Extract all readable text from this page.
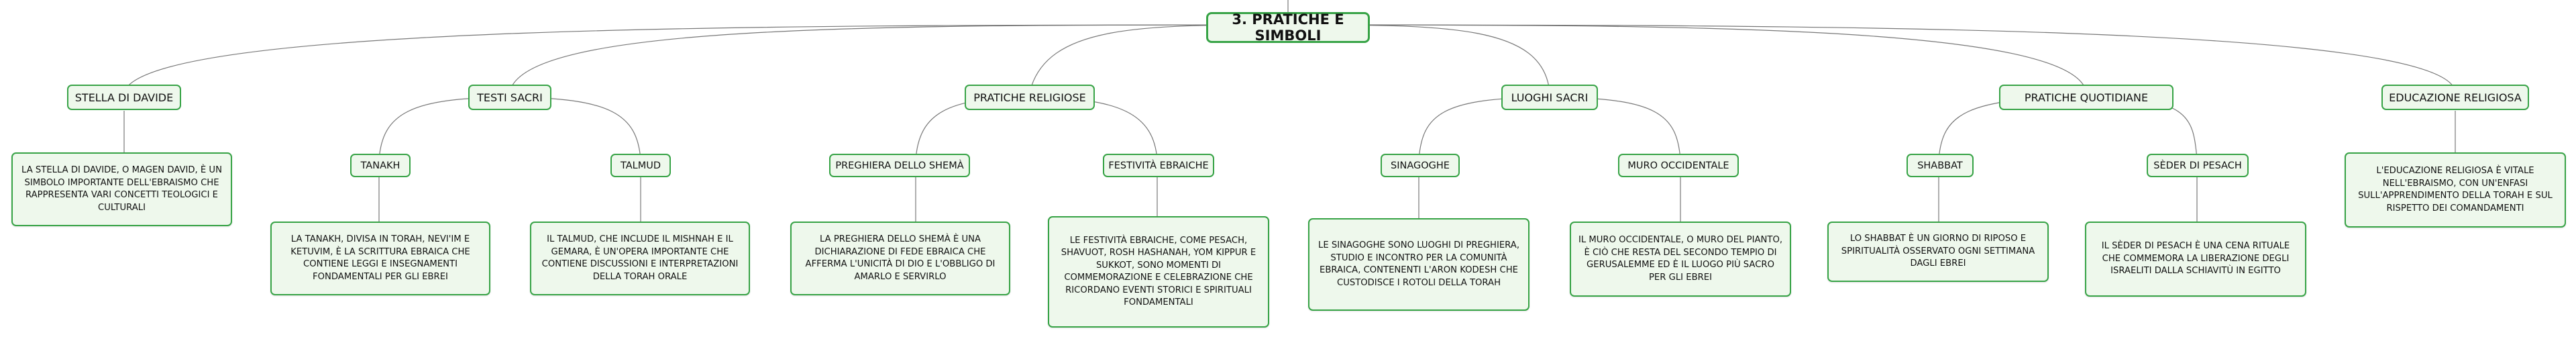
3. PRATICHE E SIMBOLI
STELLA DI DAVIDE	TESTI SACRI	PRATICHE RELIGIOSE	LUOGHI SACRI	PRATICHE QUOTIDIANE	EDUCAZIONE RELIGIOSA
TANAKH	TALMUD	PREGHIERA DELLO SHEMÀ	FESTIVITÀ EBRAICHE	SINAGOGHE	MURO OCCIDENTALE	SHABBAT	SÈDER DI PESACH
LA STELLA DI DAVIDE, O MAGEN DAVID, È UN SIMBOLO IMPORTANTE DELL'EBRAISMO CHE RAPPRESENTA VARI CONCETTI TEOLOGICI E CULTURALI
LA TANAKH, DIVISA IN TORAH, NEVI'IM E KETUVIM, È LA SCRITTURA EBRAICA CHE CONTIENE LEGGI E INSEGNAMENTI FONDAMENTALI PER GLI EBREI
IL TALMUD, CHE INCLUDE IL MISHNAH E IL GEMARA, È UN'OPERA IMPORTANTE CHE CONTIENE DISCUSSIONI E INTERPRETAZIONI DELLA TORAH ORALE
LA PREGHIERA DELLO SHEMÀ È UNA DICHIARAZIONE DI FEDE EBRAICA CHE AFFERMA L'UNICITÀ DI DIO E L'OBBLIGO DI AMARLO E SERVIRLO
LE FESTIVITÀ EBRAICHE, COME PESACH, SHAVUOT, ROSH HASHANAH, YOM KIPPUR E SUKKOT, SONO MOMENTI DI COMMEMORAZIONE E CELEBRAZIONE CHE RICORDANO EVENTI STORICI E SPIRITUALI FONDAMENTALI
LE SINAGOGHE SONO LUOGHI DI PREGHIERA, STUDIO E INCONTRO PER LA COMUNITÀ EBRAICA, CONTENENTI L'ARON KODESH CHE CUSTODISCE I ROTOLI DELLA TORAH
IL MURO OCCIDENTALE, O MURO DEL PIANTO, È CIÒ CHE RESTA DEL SECONDO TEMPIO DI GERUSALEMME ED È IL LUOGO PIÙ SACRO PER GLI EBREI
LO SHABBAT È UN GIORNO DI RIPOSO E SPIRITUALITÀ OSSERVATO OGNI SETTIMANA DAGLI EBREI
IL SÈDER DI PESACH È UNA CENA RITUALE CHE COMMEMORA LA LIBERAZIONE DEGLI ISRAELITI DALLA SCHIAVITÙ IN EGITTO
L'EDUCAZIONE RELIGIOSA È VITALE NELL'EBRAISMO, CON UN'ENFASI SULL'APPRENDIMENTO DELLA TORAH E SUL RISPETTO DEI COMANDAMENTI
